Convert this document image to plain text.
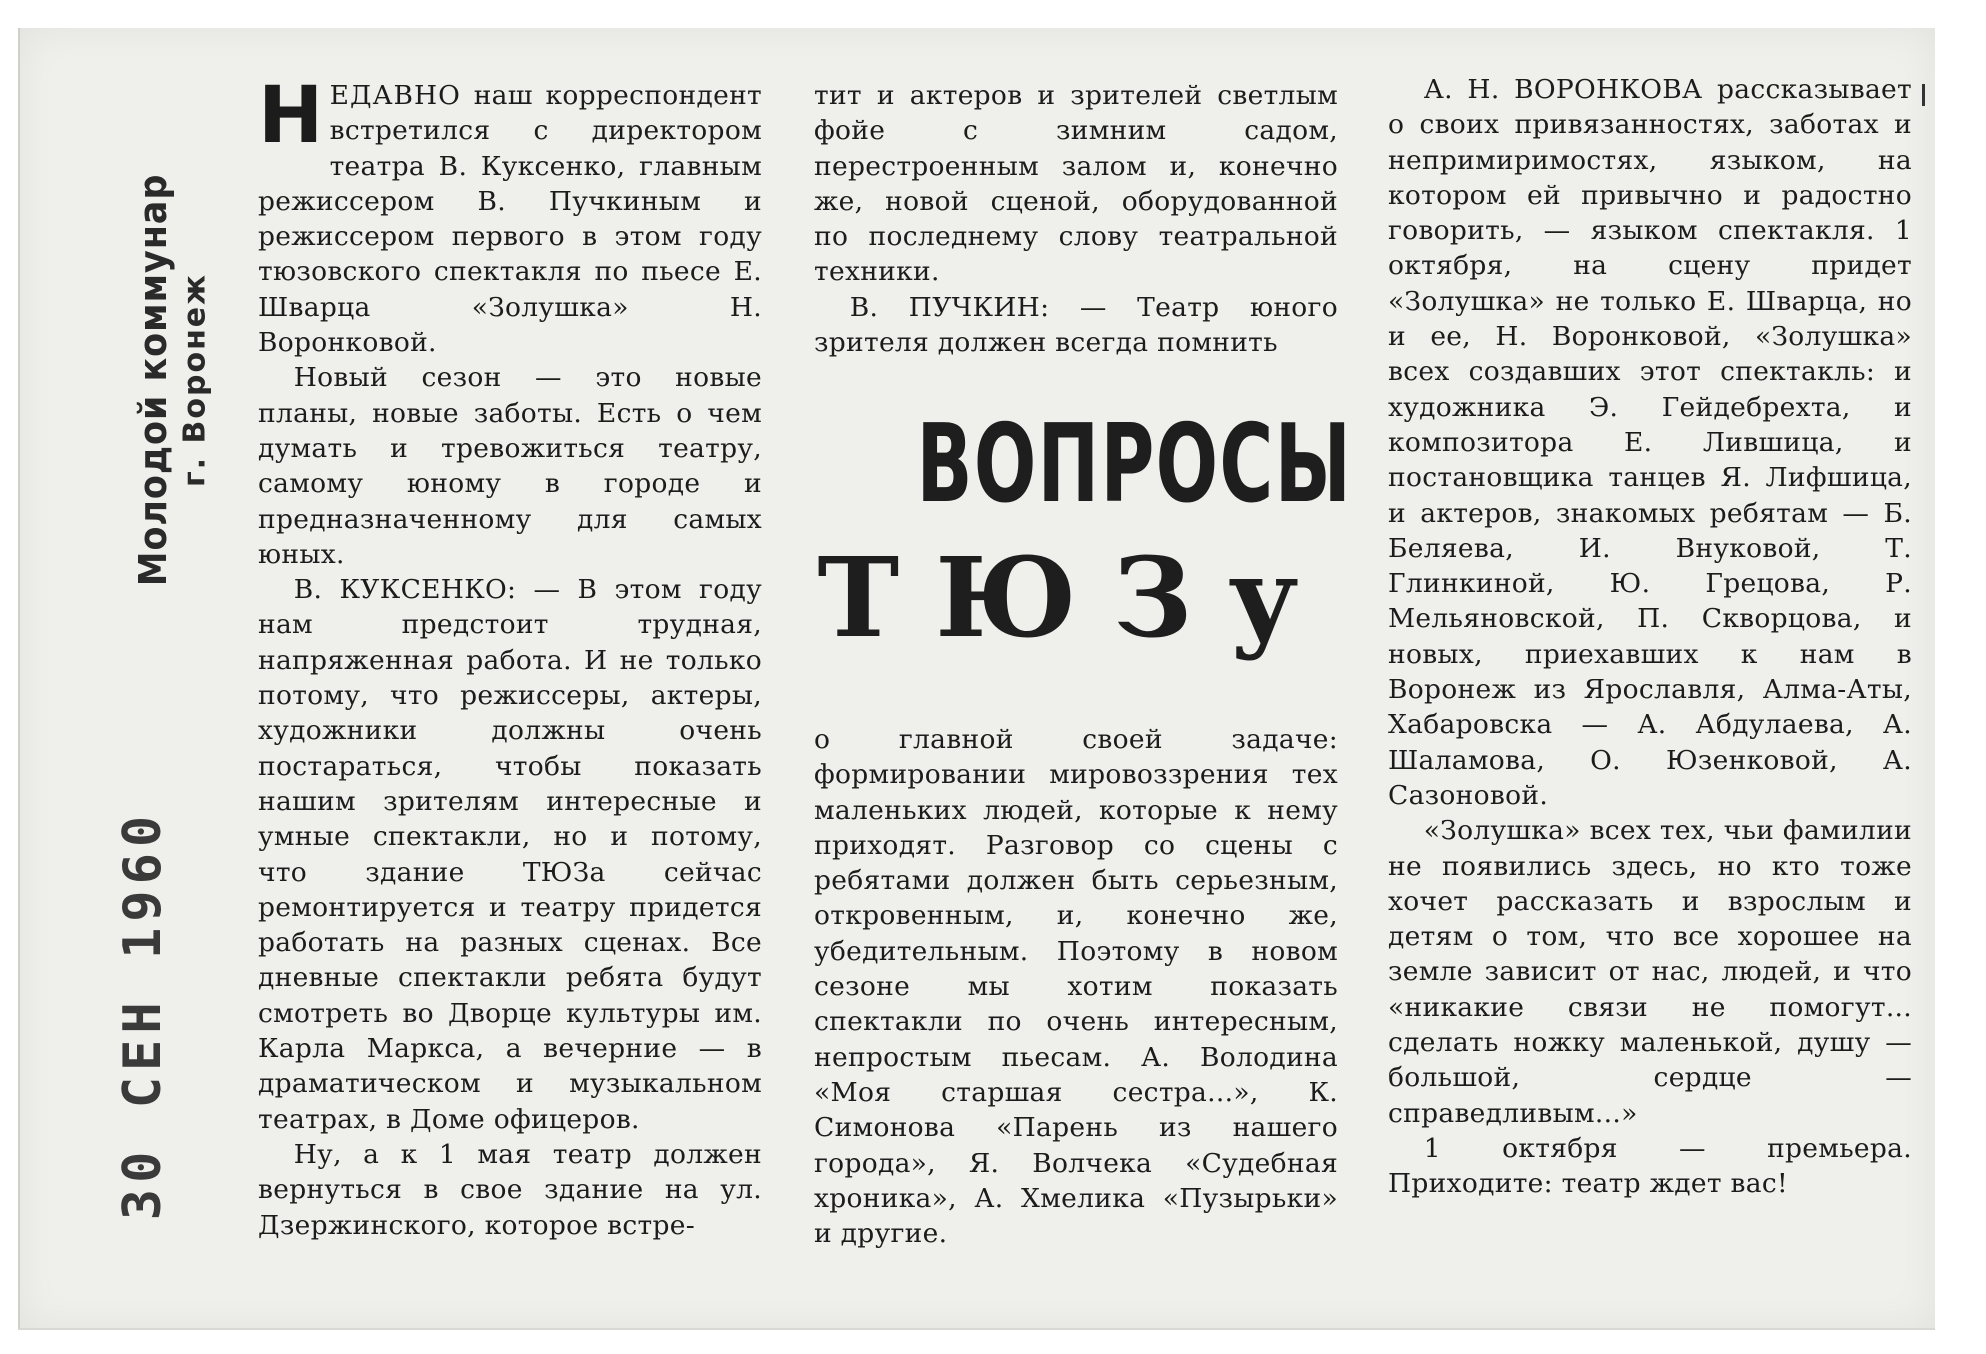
Молодой коммунар г. Воронеж
30 СЕН 1960

НЕДАВНО наш корреспондент встретился с директором театра В. Куксенко, главным режиссером В. Пучкиным и режиссером первого в этом году тюзовского спектакля по пьесе Е. Шварца «Золушка» Н. Воронковой.

Новый сезон — это новые планы, новые заботы. Есть о чем думать и тревожиться театру, самому юному в городе и предназначенному для самых юных.

В. КУКСЕНКО: — В этом году нам предстоит трудная, напряженная работа. И не только потому, что режиссеры, актеры, художники должны очень постараться, чтобы показать нашим зрителям интересные и умные спектакли, но и потому, что здание ТЮЗа сейчас ремонтируется и театру придется работать на разных сценах. Все дневные спектакли ребята будут смотреть во Дворце культуры им. Карла Маркса, а вечерние — в драматическом и музыкальном театрах, в Доме офицеров.

Ну, а к 1 мая театр должен вернуться в свое здание на ул. Дзержинского, которое встре-

тит и актеров и зрителей светлым фойе с зимним садом, перестроенным залом и, конечно же, новой сценой, оборудованной по последнему слову театральной техники.

В. ПУЧКИН: — Театр юного зрителя должен всегда помнить

ВОПРОСЫ
ТЮЗу

о главной своей задаче: формировании мировоззрения тех маленьких людей, которые к нему приходят. Разговор со сцены с ребятами должен быть серьезным, откровенным, и, конечно же, убедительным. Поэтому в новом сезоне мы хотим показать спектакли по очень интересным, непростым пьесам. А. Володина «Моя старшая сестра...», К. Симонова «Парень из нашего города», Я. Волчека «Судебная хроника», А. Хмелика «Пузырьки» и другие.

А. Н. ВОРОНКОВА рассказывает о своих привязанностях, заботах и непримиримостях, языком, на котором ей привычно и радостно говорить, — языком спектакля. 1 октября, на сцену придет «Золушка» не только Е. Шварца, но и ее, Н. Воронковой, «Золушка» всех создавших этот спектакль: и художника Э. Гейдебрехта, и композитора Е. Лившица, и постановщика танцев Я. Лифшица, и актеров, знакомых ребятам — Б. Беляева, И. Внуковой, Т. Глинкиной, Ю. Грецова, Р. Мельяновской, П. Скворцова, и новых, приехавших к нам в Воронеж из Ярославля, Алма-Аты, Хабаровска — А. Абдулаева, А. Шаламова, О. Юзенковой, А. Сазоновой.

«Золушка» всех тех, чьи фамилии не появились здесь, но кто тоже хочет рассказать и взрослым и детям о том, что все хорошее на земле зависит от нас, людей, и что «никакие связи не помогут... сделать ножку маленькой, душу — большой, сердце — справедливым...»

1 октября — премьера. Приходите: театр ждет вас!
